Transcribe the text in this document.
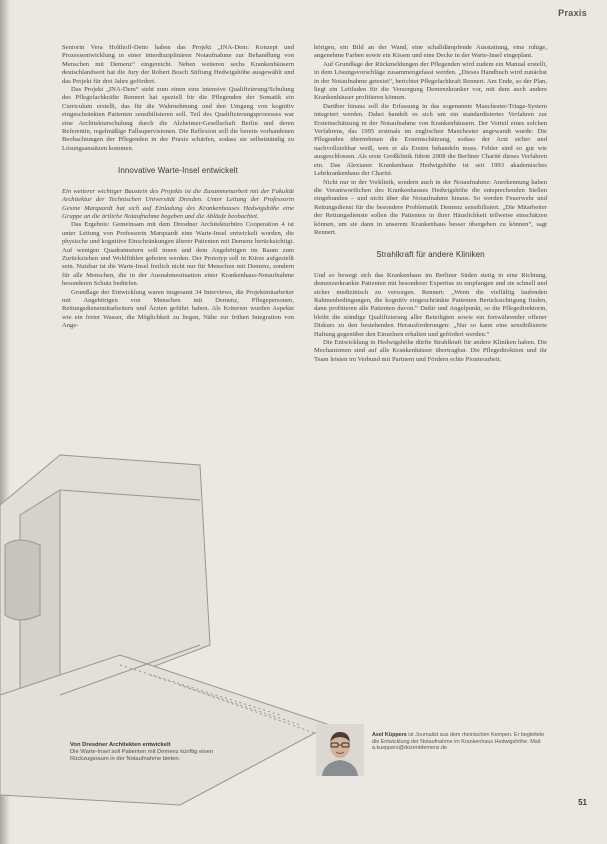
Praxis

Seniorin Vera Holthoff-Detto haben das Projekt „INA-Dem: Konzept und Prozessentwicklung in einer interdisziplinären Notaufnahme zur Behandlung von Menschen mit Demenz“ eingereicht. Neben weiteren sechs Krankenhäusern deutschlandweit hat die Jury der Robert Bosch Stiftung Hedwigshöhe ausgewählt und das Projekt für drei Jahre gefördert.

Das Projekt „INA-Dem“ steht zum einen eine intensive Qualifizierung/Schulung des Pflegefachkräfte Rennert hat speziell für die Pflegenden der Somatik ein Curriculum erstellt, das für die Wahrnehmung und den Umgang von kognitiv eingeschränkten Patienten sensibilisieren soll. Teil des Qualifizierungsprozesses war eine Architekturschulung durch die Alzheimer-Gesellschaft Berlin und deren Referentin, regelmäßige Fallsupervisionen. Die Reflexion soll die bereits vorhandenen Beobachtungen der Pflegenden in der Praxis schärfen, sodass sie selbstständig zu Lösungsansätzen kommen.

Innovative Warte-Insel entwickelt

Ein weiterer wichtiger Baustein des Projekts ist die Zusammenarbeit mit der Fakultät Architektur der Technischen Universität Dresden. Unter Leitung der Professorin Gesine Marquardt hat sich auf Einladung des Krankenhauses Hedwigshöhe eine Gruppe an die örtliche Notaufnahme begeben und die Abläufe beobachtet.

Das Ergebnis: Gemeinsam mit dem Dresdner Architekturbüro Cooperation 4 ist unter Leitung von Professorin Marquardt eine Warte-Insel entwickelt worden, die physische und kognitive Einschränkungen älterer Patienten mit Demenz berücksichtigt. Auf wenigen Quadratmetern soll innen und dem Angehörigen im Raum zum Zurückziehen und Wohlfühlen geboten werden. Der Prototyp soll in Kürze aufgestellt sein. Nutzbar ist die Warte-Insel freilich nicht nur für Menschen mit Demenz, sondern für alle Menschen, die in der Ausnahmesituation einer Krankenhaus-Notaufnahme besonderen Schutz bedürfen.

Grundlage der Entwicklung waren insgesamt 34 Interviews, die Projektmitarbeiter mit Angehörigen von Menschen mit Demenz, Pflegepersonen, Rettungsdienstmitarbeitern und Ärzten geführt haben. Als Kriterien wurden Aspekte wie ein freier Wasser, die Möglichkeit zu liegen, Nähe zur frühen Integration von Ange-

hörigen, ein Bild an der Wand, eine schalldämpfende Ausstattung, eine ruhige, angenehme Farben sowie ein Kissen und eine Decke in der Warte-Insel eingeplant.

Auf Grundlage der Rückmeldungen der Pflegenden wird zudem ein Manual erstellt, in dem Lösungsvorschläge zusammengefasst werden. „Dieses Handbuch wird zunächst in der Notaufnahme getestet“, berichtet Pflegefachkraft Rennert. Am Ende, so der Plan, liegt ein Leitfaden für die Versorgung Demenzkranker vor, mit dem auch andere Krankenhäuser profitieren können.

Darüber hinaus soll die Erfassung in das sogenannte Manchester-Triage-System integriert werden. Dabei handelt es sich um ein standardisiertes Verfahren zur Ersteinschätzung in der Notaufnahme von Krankenhäusern. Der Vorteil eines solchen Verfahrens, das 1995 erstmals im englischen Manchester angewandt wurde: Die Pflegenden übernehmen die Ersteinschätzung, sodass der Arzt sicher und nachvollziehbar weiß, wen er als Ersten behandeln muss. Fehler sind so gut wie ausgeschlossen. Als erste Großklinik führte 2008 die Berliner Charité dieses Verfahren ein. Das Alexianer Krankenhaus Hedwigshöhe ist seit 1993 akademisches Lehrkrankenhaus der Charité.

Nicht nur in der Vorklinik, sondern auch in der Notaufnahme: Anerkennung haben die Verantwortlichen des Krankenhauses Hedwigshöhe die entsprechenden Stellen eingebunden – und nicht über die Notaufnahme hinaus. So werden Feuerwehr und Rettungsdienst für die besondere Problematik Demenz sensibilisiert. „Die Mitarbeiter der Rettungsdienste sollen die Patienten in ihrer Häuslichkeit teilweise einschätzen können, um sie dann in unserem Krankenhaus besser übergeben zu können“, sagt Rennert.

Strahlkraft für andere Kliniken

Und so bewegt sich das Krankenhaus im Berliner Süden stetig in eine Richtung, demenzerkrankte Patienten mit besonderer Expertise zu empfangen und sie schnell und sicher medizinisch zu versorgen. Rennert: „Wenn die vielfältig laufenden Rahmenbedingungen, die kognitiv eingeschränkte Patienten Berücksichtigung finden, dann profitieren alle Patienten davon.“ Dafür und Angelpunkt, so die Pflegedirektorin, bleibt die ständige Qualifizierung aller Beteiligten sowie ein fortwährender offener Diskurs zu den bestehenden Herausforderungen: „Nur so kann eine sensibilisierte Haltung gegenüber den Einzelnen erhalten und gefördert werden.“

Die Entwicklung in Hedwigshöhe dürfte Strahlkraft für andere Kliniken haben. Die Mechanismen sind auf alle Krankenhäuser übertragbar. Die Pflegedirektion und ihr Team leisten im Verbund mit Partnern und Fördern echte Pionierarbeit.

Von Dresdner Architekten entwickelt
Die Warte-Insel soll Patienten mit Demenz künftig einen Rückzugsraum in der Notaufnahme bieten.
Axel Küppers ist Journalist aus dem rheinischen Kempen. Er begleitete die Entwicklung der Notaufnahme im Krankenhaus Hedwigshöhe. Mail: a.kueppers@dozentdemenz.de
51
